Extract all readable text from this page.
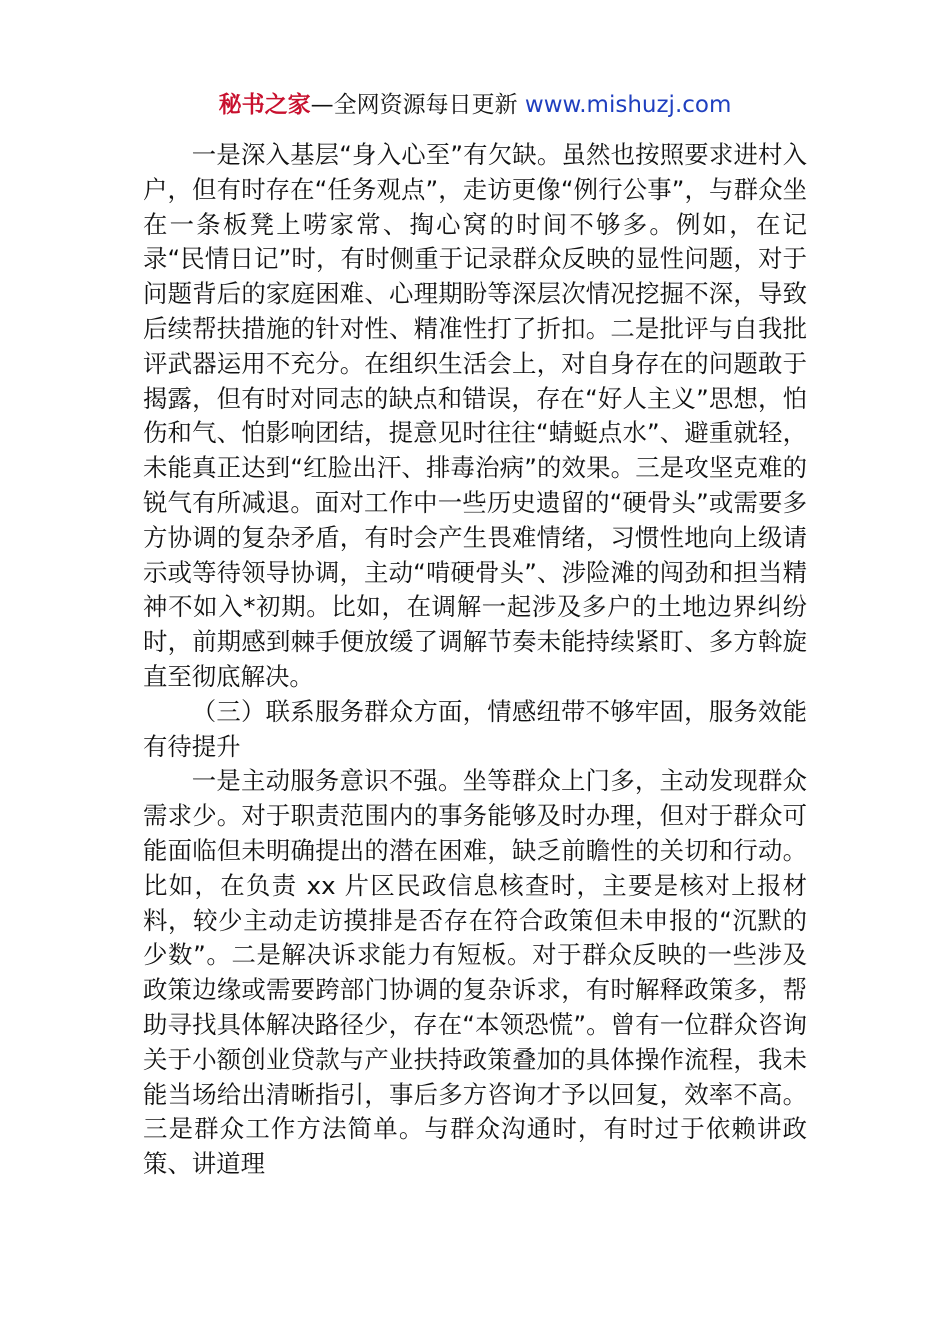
秘书之家—全网资源每日更新 www.mishuzj.com

一是深入基层“身入心至”有欠缺。虽然也按照要求进村入户，但有时存在“任务观点”，走访更像“例行公事”，与群众坐在一条板凳上唠家常、掏心窝的时间不够多。例如，在记录“民情日记”时，有时侧重于记录群众反映的显性问题，对于问题背后的家庭困难、心理期盼等深层次情况挖掘不深，导致后续帮扶措施的针对性、精准性打了折扣。二是批评与自我批评武器运用不充分。在组织生活会上，对自身存在的问题敢于揭露，但有时对同志的缺点和错误，存在“好人主义”思想，怕伤和气、怕影响团结，提意见时往往“蜻蜓点水”、避重就轻，未能真正达到“红脸出汗、排毒治病”的效果。三是攻坚克难的锐气有所减退。面对工作中一些历史遗留的“硬骨头”或需要多方协调的复杂矛盾，有时会产生畏难情绪，习惯性地向上级请示或等待领导协调，主动“啃硬骨头”、涉险滩的闯劲和担当精神不如入*初期。比如，在调解一起涉及多户的土地边界纠纷时，前期感到棘手便放缓了调解节奏未能持续紧盯、多方斡旋直至彻底解决。

（三）联系服务群众方面，情感纽带不够牢固，服务效能有待提升

一是主动服务意识不强。坐等群众上门多，主动发现群众需求少。对于职责范围内的事务能够及时办理，但对于群众可能面临但未明确提出的潜在困难，缺乏前瞻性的关切和行动。比如，在负责 xx 片区民政信息核查时，主要是核对上报材料，较少主动走访摸排是否存在符合政策但未申报的“沉默的少数”。二是解决诉求能力有短板。对于群众反映的一些涉及政策边缘或需要跨部门协调的复杂诉求，有时解释政策多，帮助寻找具体解决路径少，存在“本领恐慌”。曾有一位群众咨询关于小额创业贷款与产业扶持政策叠加的具体操作流程，我未能当场给出清晰指引，事后多方咨询才予以回复，效率不高。三是群众工作方法简单。与群众沟通时，有时过于依赖讲政策、讲道理
